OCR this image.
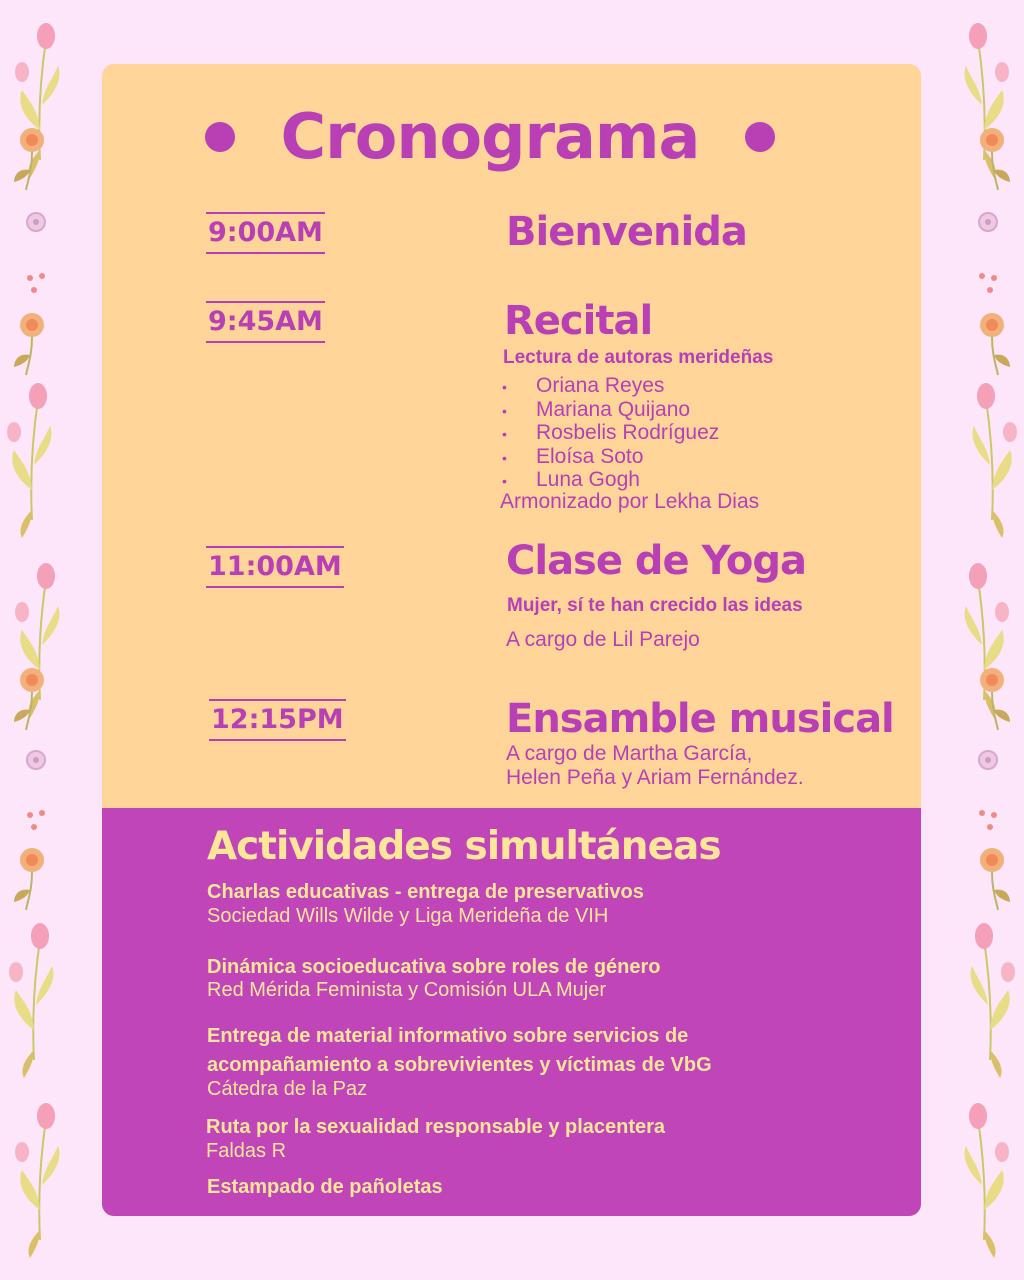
Cronograma
9:00AM	Bienvenida
9:45AM	Recital
Lectura de autoras merideñas
• Oriana Reyes
• Mariana Quijano
• Rosbelis Rodríguez
• Eloísa Soto
• Luna Gogh
Armonizado por Lekha Dias
11:00AM	Clase de Yoga
Mujer, sí te han crecido las ideas
A cargo de Lil Parejo
12:15PM	Ensamble musical
A cargo de Martha García,
Helen Peña y Ariam Fernández.
Actividades simultáneas
Charlas educativas - entrega de preservativos
Sociedad Wills Wilde y Liga Merideña de VIH
Dinámica socioeducativa sobre roles de género
Red Mérida Feminista y Comisión ULA Mujer
Entrega de material informativo sobre servicios de
acompañamiento a sobrevivientes y víctimas de VbG
Cátedra de la Paz
Ruta por la sexualidad responsable y placentera
Faldas R
Estampado de pañoletas
